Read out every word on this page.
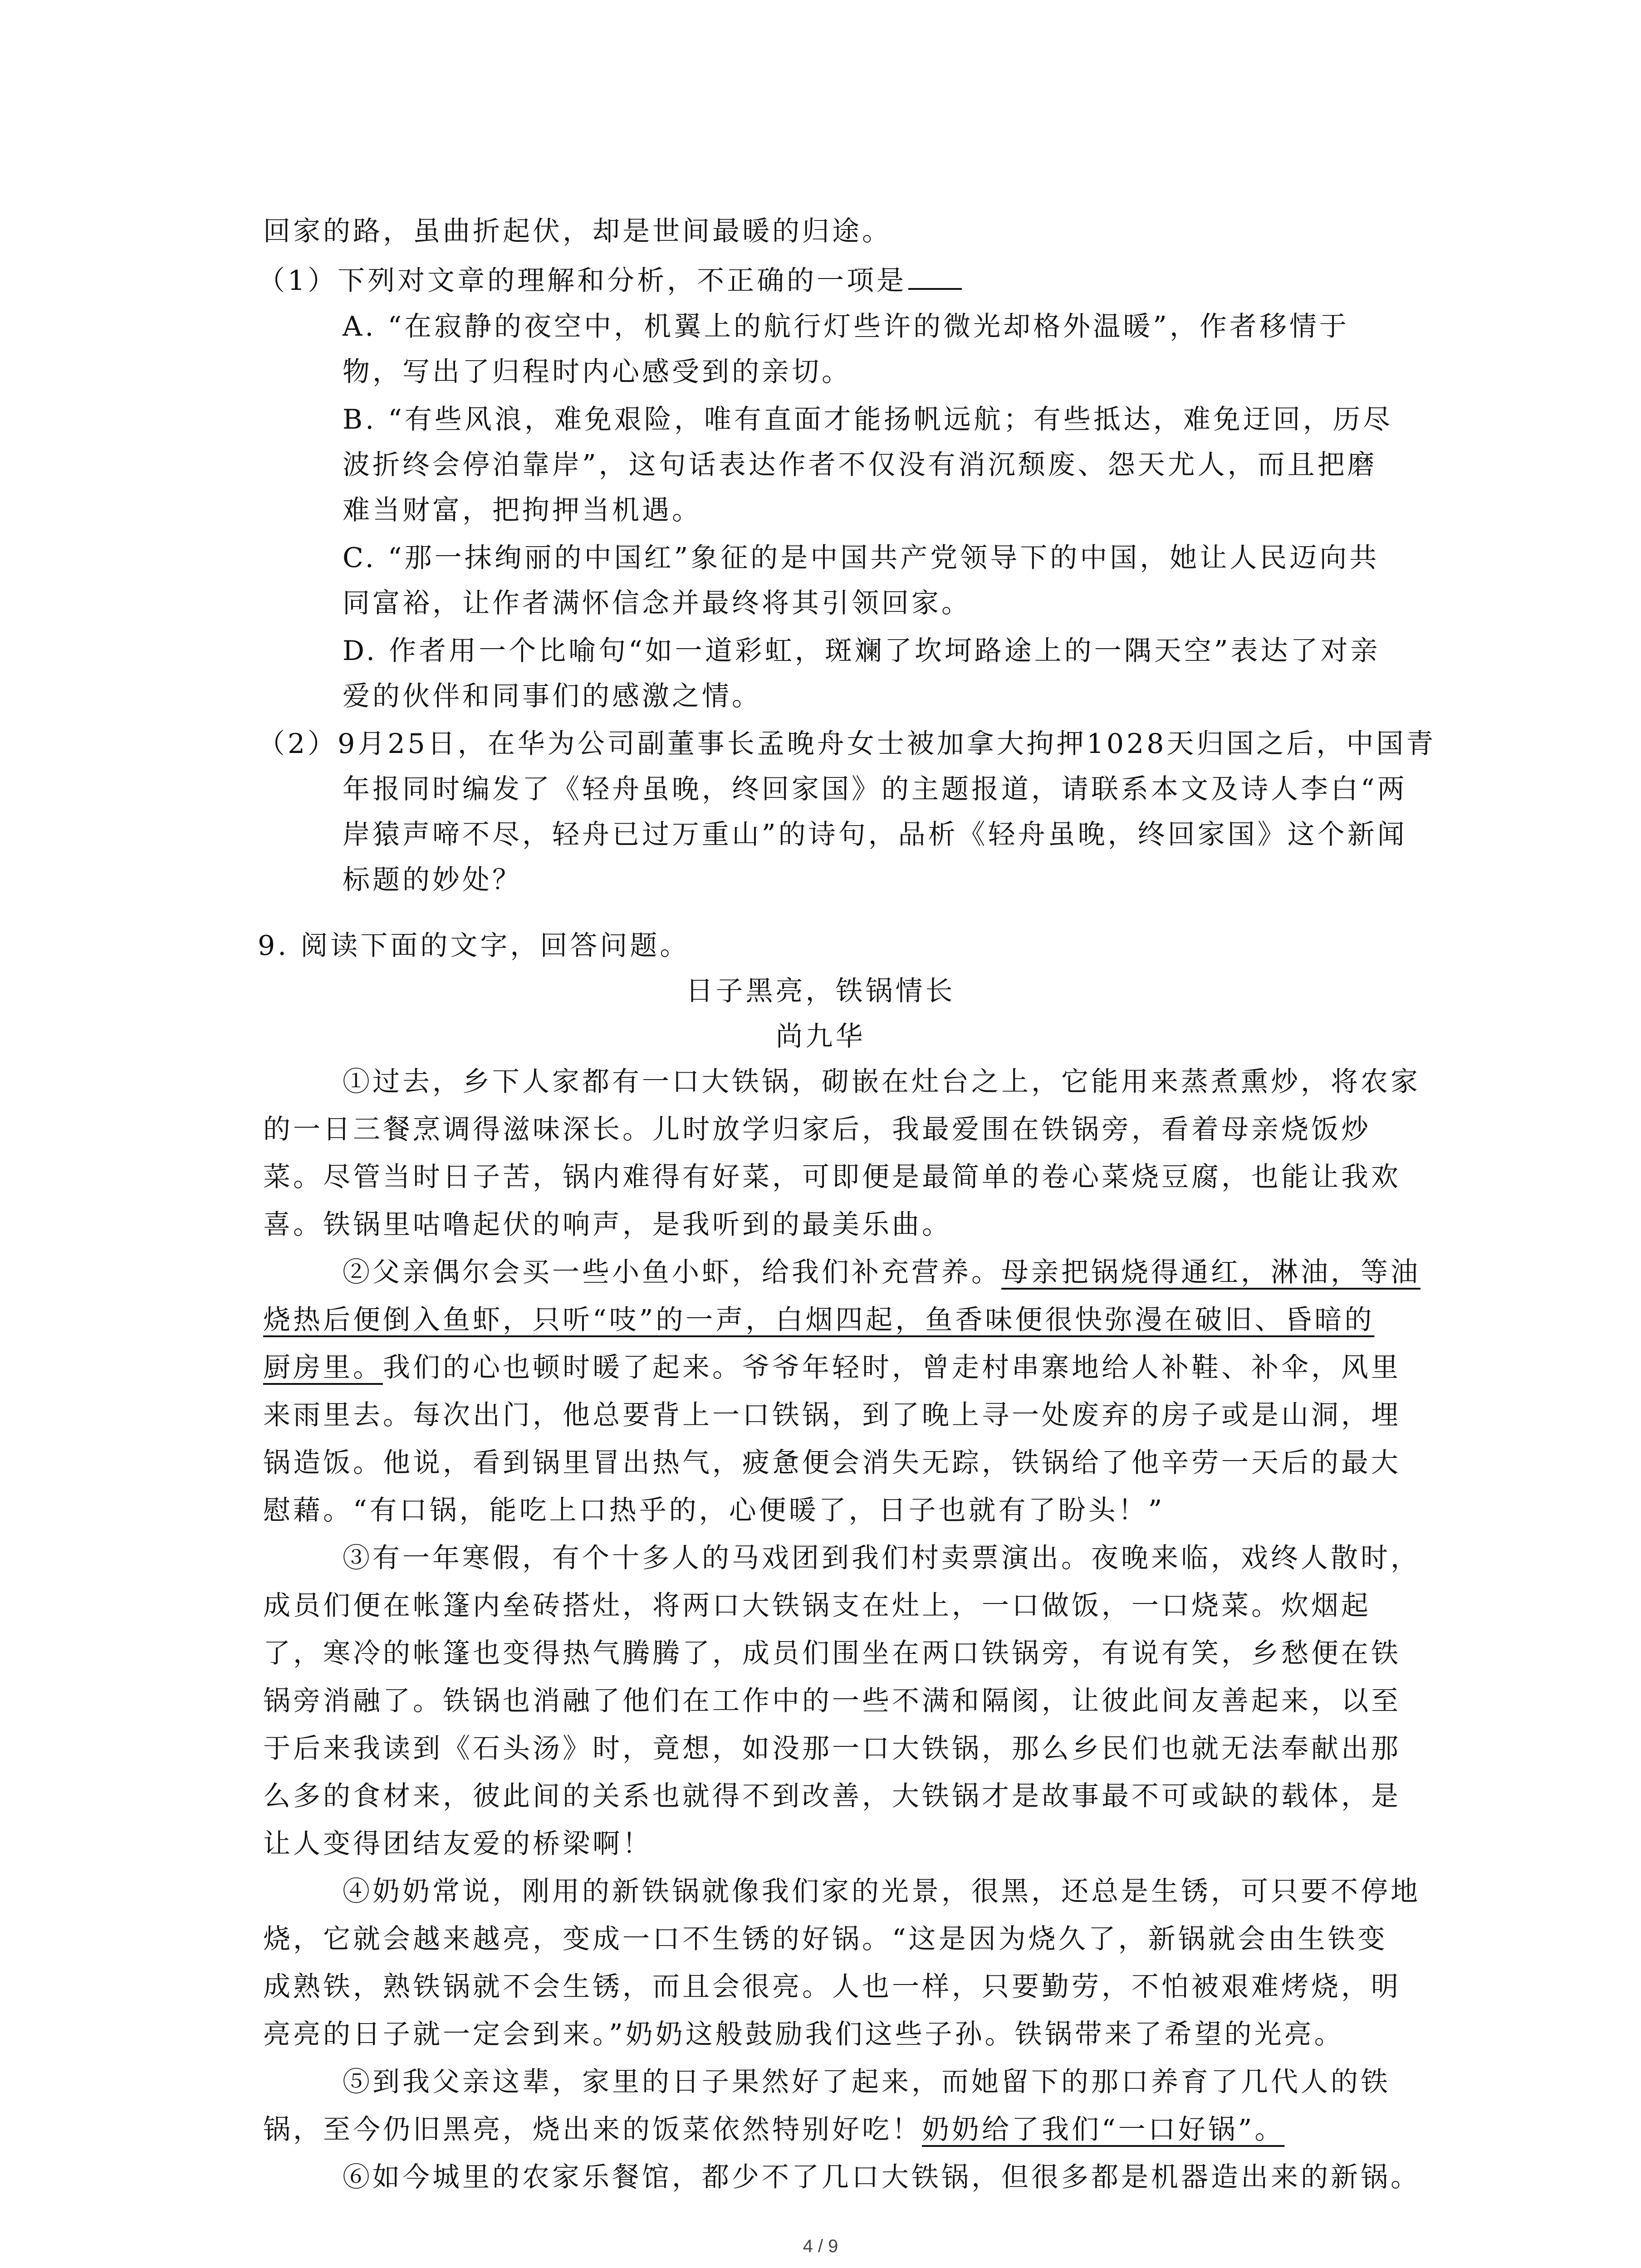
回家的路，虽曲折起伏，却是世间最暖的归途。
（1）下列对文章的理解和分析，不正确的一项是
A. “在寂静的夜空中，机翼上的航行灯些许的微光却格外温暖”，作者移情于
物，写出了归程时内心感受到的亲切。
B. “有些风浪，难免艰险，唯有直面才能扬帆远航；有些抵达，难免迂回，历尽
波折终会停泊靠岸”，这句话表达作者不仅没有消沉颓废、怨天尤人，而且把磨
难当财富，把拘押当机遇。
C. “那一抹绚丽的中国红”象征的是中国共产党领导下的中国，她让人民迈向共
同富裕，让作者满怀信念并最终将其引领回家。
D. 作者用一个比喻句“如一道彩虹，斑斓了坎坷路途上的一隅天空”表达了对亲
爱的伙伴和同事们的感激之情。
（2）9月25日，在华为公司副董事长孟晚舟女士被加拿大拘押1028天归国之后，中国青
年报同时编发了《轻舟虽晚，终回家国》的主题报道，请联系本文及诗人李白“两
岸猿声啼不尽，轻舟已过万重山”的诗句，品析《轻舟虽晚，终回家国》这个新闻
标题的妙处？
9. 阅读下面的文字，回答问题。
日子黑亮，铁锅情长
尚九华
①过去，乡下人家都有一口大铁锅，砌嵌在灶台之上，它能用来蒸煮熏炒，将农家
的一日三餐烹调得滋味深长。儿时放学归家后，我最爱围在铁锅旁，看着母亲烧饭炒
菜。尽管当时日子苦，锅内难得有好菜，可即便是最简单的卷心菜烧豆腐，也能让我欢
喜。铁锅里咕噜起伏的响声，是我听到的最美乐曲。
②父亲偶尔会买一些小鱼小虾，给我们补充营养。母亲把锅烧得通红，淋油，等油
烧热后便倒入鱼虾，只听“吱”的一声，白烟四起，鱼香味便很快弥漫在破旧、昏暗的
厨房里。我们的心也顿时暖了起来。爷爷年轻时，曾走村串寨地给人补鞋、补伞，风里
来雨里去。每次出门，他总要背上一口铁锅，到了晚上寻一处废弃的房子或是山洞，埋
锅造饭。他说，看到锅里冒出热气，疲惫便会消失无踪，铁锅给了他辛劳一天后的最大
慰藉。“有口锅，能吃上口热乎的，心便暖了，日子也就有了盼头！”
③有一年寒假，有个十多人的马戏团到我们村卖票演出。夜晚来临，戏终人散时，
成员们便在帐篷内垒砖搭灶，将两口大铁锅支在灶上，一口做饭，一口烧菜。炊烟起
了，寒冷的帐篷也变得热气腾腾了，成员们围坐在两口铁锅旁，有说有笑，乡愁便在铁
锅旁消融了。铁锅也消融了他们在工作中的一些不满和隔阂，让彼此间友善起来，以至
于后来我读到《石头汤》时，竟想，如没那一口大铁锅，那么乡民们也就无法奉献出那
么多的食材来，彼此间的关系也就得不到改善，大铁锅才是故事最不可或缺的载体，是
让人变得团结友爱的桥梁啊！
④奶奶常说，刚用的新铁锅就像我们家的光景，很黑，还总是生锈，可只要不停地
烧，它就会越来越亮，变成一口不生锈的好锅。“这是因为烧久了，新锅就会由生铁变
成熟铁，熟铁锅就不会生锈，而且会很亮。人也一样，只要勤劳，不怕被艰难烤烧，明
亮亮的日子就一定会到来。”奶奶这般鼓励我们这些子孙。铁锅带来了希望的光亮。
⑤到我父亲这辈，家里的日子果然好了起来，而她留下的那口养育了几代人的铁
锅，至今仍旧黑亮，烧出来的饭菜依然特别好吃！奶奶给了我们“一口好锅”。
⑥如今城里的农家乐餐馆，都少不了几口大铁锅，但很多都是机器造出来的新锅。
4 / 9
